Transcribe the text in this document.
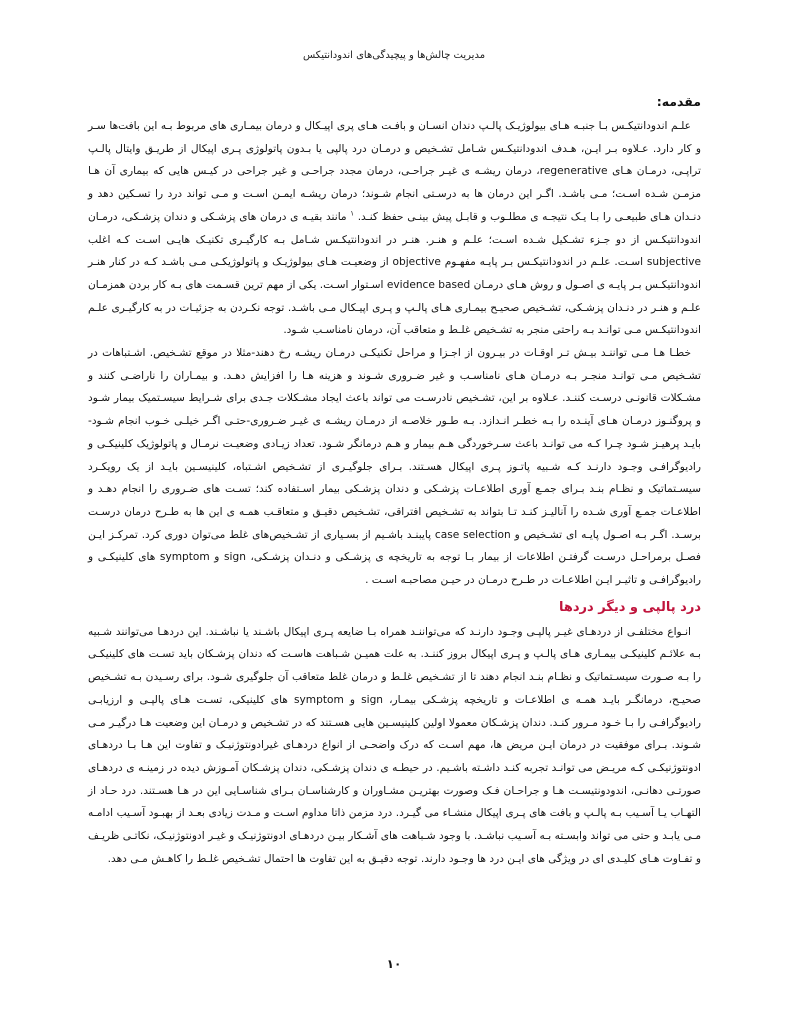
مدیریت چالش‌ها و پیچیدگی‌های اندودانتیکس
مقدمه:

علـم اندودانتیکـس بـا جنبـه هـای بیولوژیـک پالـپ دندان انسـان و بافـت هـای پری اپیـکال و درمان بیمـاری های مربوط بـه این بافت‌ها سـر و کار دارد. عـلاوه بـر ایـن، هـدف اندودانتیکـس شـامل تشـخیص و درمـان درد پالپی یا بـدون پاتولوژی پـری اپیکال از طریـق وایتال پالـپ تراپـی، درمـان هـای regenerative، درمان ریشـه ی غیـر جراحـی، درمان مجدد جراحـی و غیر جراحی در کیـس هایی که بیماری آن هـا مزمـن شـده اسـت؛ مـی باشـد. اگـر این درمان ها به درسـتی انجام شـوند؛ درمان ریشـه ایمـن اسـت و مـی تواند درد را تسـکین دهد و دنـدان هـای طبیعـی را بـا یـک نتیجـه ی مطلـوب و قابـل پیش بینـی حفظ کنـد. $^۱$ مانند بقیـه ی درمان های پزشـکی و دندان پزشـکی، درمـان اندودانتیکـس از دو جـزء تشـکیل شـده اسـت؛ علـم و هنـر. هنـر در اندودانتیکـس شـامل بـه کارگیـری تکنیـک هایـی اسـت کـه اغلب subjective اسـت. علـم در اندودانتیکـس بـر پایـه مفهـوم objective از وضعیـت هـای بیولوژیـک و پاتولوژیکـی مـی باشـد کـه در کنار هنـر اندودانتیکـس بـر پایـه ی اصـول و روش هـای درمـان evidence based اسـتوار اسـت. یکی از مهم ترین قسـمت های بـه کار بردن همزمـان علـم و هنـر در دنـدان پزشـکی، تشـخیص صحیـح بیمـاری هـای پالـپ و پـری اپیـکال مـی باشـد. توجه نکـردن به جزئیـات در به کارگیـری علـم اندودانتیکـس مـی توانـد بـه راحتی منجر به تشـخیص غلـط و متعاقب آن، درمان نامناسـب شـود.

خطـا هـا مـی تواننـد بیـش تـر اوقـات در بیـرون از اجـزا و مراحل تکنیکـی درمـان ریشـه رخ دهند-مثلا در موقع تشـخیص. اشـتباهات در تشـخیص مـی توانـد منجـر بـه درمـان هـای نامناسـب و غیر ضـروری شـوند و هزینه هـا را افزایش دهـد. و بیمـاران را ناراضـی کنند و مشـکلات قانونـی درسـت کننـد. عـلاوه بر این، تشـخیص نادرسـت می تواند باعث ایجاد مشـکلات جـدی برای شـرایط سیسـتمیک بیمار شـود و پروگنـوز درمـان هـای آینـده را بـه خطـر انـدازد. بـه طـور خلاصـه از درمـان ریشـه ی غیـر ضـروری-حتـی اگـر خیلـی خـوب انجام شـود- بایـد پرهیـز شـود چـرا کـه می توانـد باعث سـرخوردگی هـم بیمار و هـم درمانگر شـود. تعداد زیـادی وضعیـت نرمـال و پاتولوژیک کلینیکـی و رادیوگرافـی وجـود دارنـد کـه شـبیه پاتـوز پـری اپیکال هسـتند. بـرای جلوگیـری از تشـخیص اشـتباه، کلینیسـین بایـد از یک رویکـرد سیسـتماتیک و نظـام بنـد بـرای جمـع آوری اطلاعـات پزشـکی و دندان پزشـکی بیمار اسـتفاده کند؛ تسـت های ضـروری را انجام دهـد و اطلاعـات جمـع آوری شـده را آنالیـز کنـد تـا بتواند به تشـخیص افتراقی، تشـخیص دقیـق و متعاقـب همـه ی این ها به طـرح درمان درسـت برسـد. اگـر بـه اصـول پایـه ای تشـخیص و case selection پایبنـد باشـیم از بسـیاری از تشـخیص‌های غلط می‌توان دوری کرد. تمرکـز ایـن فصـل برمراحـل درسـت گرفتـن اطلاعات از بیمار بـا توجه به تاریخچه ی پزشـکی و دنـدان پزشـکی، sign و symptom های کلینیکـی و رادیوگرافـی و تاثیـر ایـن اطلاعـات در طـرح درمـان در حیـن مصاحبـه اسـت .

درد پالپی و دیگر دردها

انـواع مختلفـی از دردهـای غیـر پالپـی وجـود دارنـد که می‌تواننـد همراه بـا ضایعه پـری اپیکال باشـند یا نباشـند. این دردهـا می‌توانند شـبیه بـه علائـم کلینیکـی بیمـاری هـای پالـپ و پـری اپیکال بروز کننـد. به علت همیـن شـباهت هاسـت که دندان پزشـکان باید تسـت های کلینیکـی را بـه صـورت سیسـتماتیک و نظـام بنـد انجام دهند تا از تشـخیص غلـط و درمان غلط متعاقب آن جلوگیری شـود. برای رسـیدن بـه تشـخیص صحیـح، درمانگـر بایـد همـه ی اطلاعـات و تاریخچه پزشـکی بیمـار، sign و symptom های کلینیکی، تسـت هـای پالپـی و ارزیابـی رادیوگرافـی را بـا خـود مـرور کنـد. دندان پزشـکان معمولا اولین کلینیسـین هایی هسـتند که در تشـخیص و درمـان این وضعیت هـا درگیـر مـی شـوند. بـرای موفقیت در درمان ایـن مریض ها، مهم اسـت که درک واضحـی از انواع دردهـای غیرادونتوژنیـک و تفاوت این هـا بـا دردهـای ادونتوژنیکـی کـه مریـض می توانـد تجربه کنـد داشـته باشـیم. در حیطـه ی دندان پزشـکی، دندان پزشـکان آمـوزش دیده در زمینـه ی دردهـای صورتـی دهانـی، اندودونتیسـت هـا و جراحـان فـک وصورت بهتریـن مشـاوران و کارشناسـان بـرای شناسـایی این در هـا هسـتند. درد حـاد از التهـاب یـا آسـیب بـه پالـپ و بافت های پـری اپیکال منشـاء می گیـرد. درد مزمن ذاتا مداوم اسـت و مـدت زیادی بعـد از بهبـود آسـیب ادامـه مـی یابـد و حتی می تواند وابسـته بـه آسـیب نباشـد. با وجود شـباهت های آشـکار بیـن دردهـای ادونتوژنیـک و غیـر ادونتوژنیـک، نکاتـی ظریـف و تفـاوت هـای کلیـدی ای در ویژگی های ایـن درد ها وجـود دارند. توجه دقیـق به این تفاوت ها احتمال تشـخیص غلـط را کاهـش مـی دهد.

۱۰
